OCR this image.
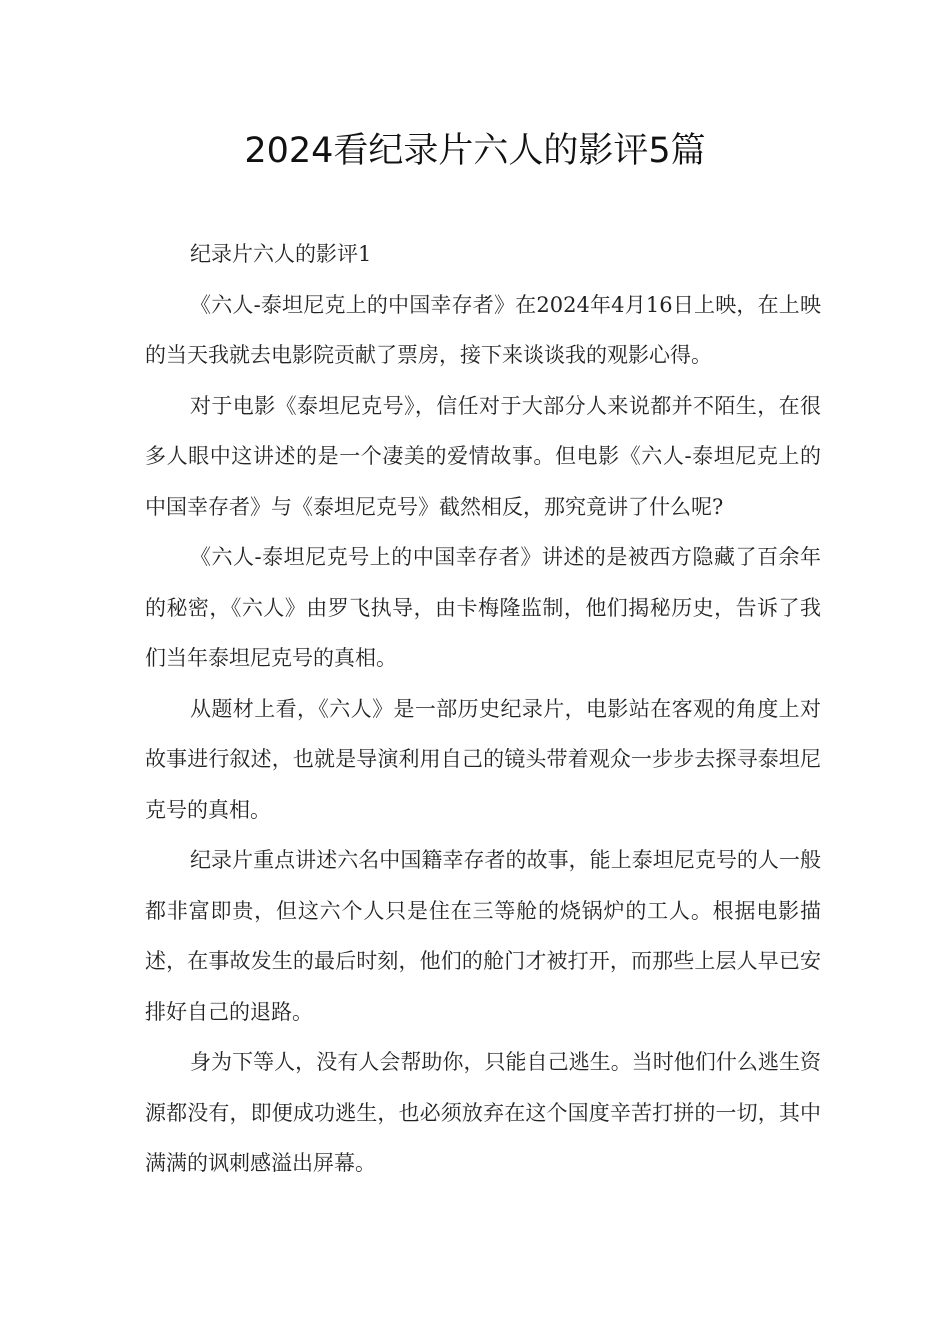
2024看纪录片六人的影评5篇

纪录片六人的影评1

《六人-泰坦尼克上的中国幸存者》在2024年4月16日上映，在上映的当天我就去电影院贡献了票房，接下来谈谈我的观影心得。

对于电影《泰坦尼克号》，信任对于大部分人来说都并不陌生，在很多人眼中这讲述的是一个凄美的爱情故事。但电影《六人-泰坦尼克上的中国幸存者》与《泰坦尼克号》截然相反，那究竟讲了什么呢?

《六人-泰坦尼克号上的中国幸存者》讲述的是被西方隐藏了百余年的秘密，《六人》由罗飞执导，由卡梅隆监制，他们揭秘历史，告诉了我们当年泰坦尼克号的真相。

从题材上看，《六人》是一部历史纪录片，电影站在客观的角度上对故事进行叙述，也就是导演利用自己的镜头带着观众一步步去探寻泰坦尼克号的真相。

纪录片重点讲述六名中国籍幸存者的故事，能上泰坦尼克号的人一般都非富即贵，但这六个人只是住在三等舱的烧锅炉的工人。根据电影描述，在事故发生的最后时刻，他们的舱门才被打开，而那些上层人早已安排好自己的退路。

身为下等人，没有人会帮助你，只能自己逃生。当时他们什么逃生资源都没有，即便成功逃生，也必须放弃在这个国度辛苦打拼的一切，其中满满的讽刺感溢出屏幕。
